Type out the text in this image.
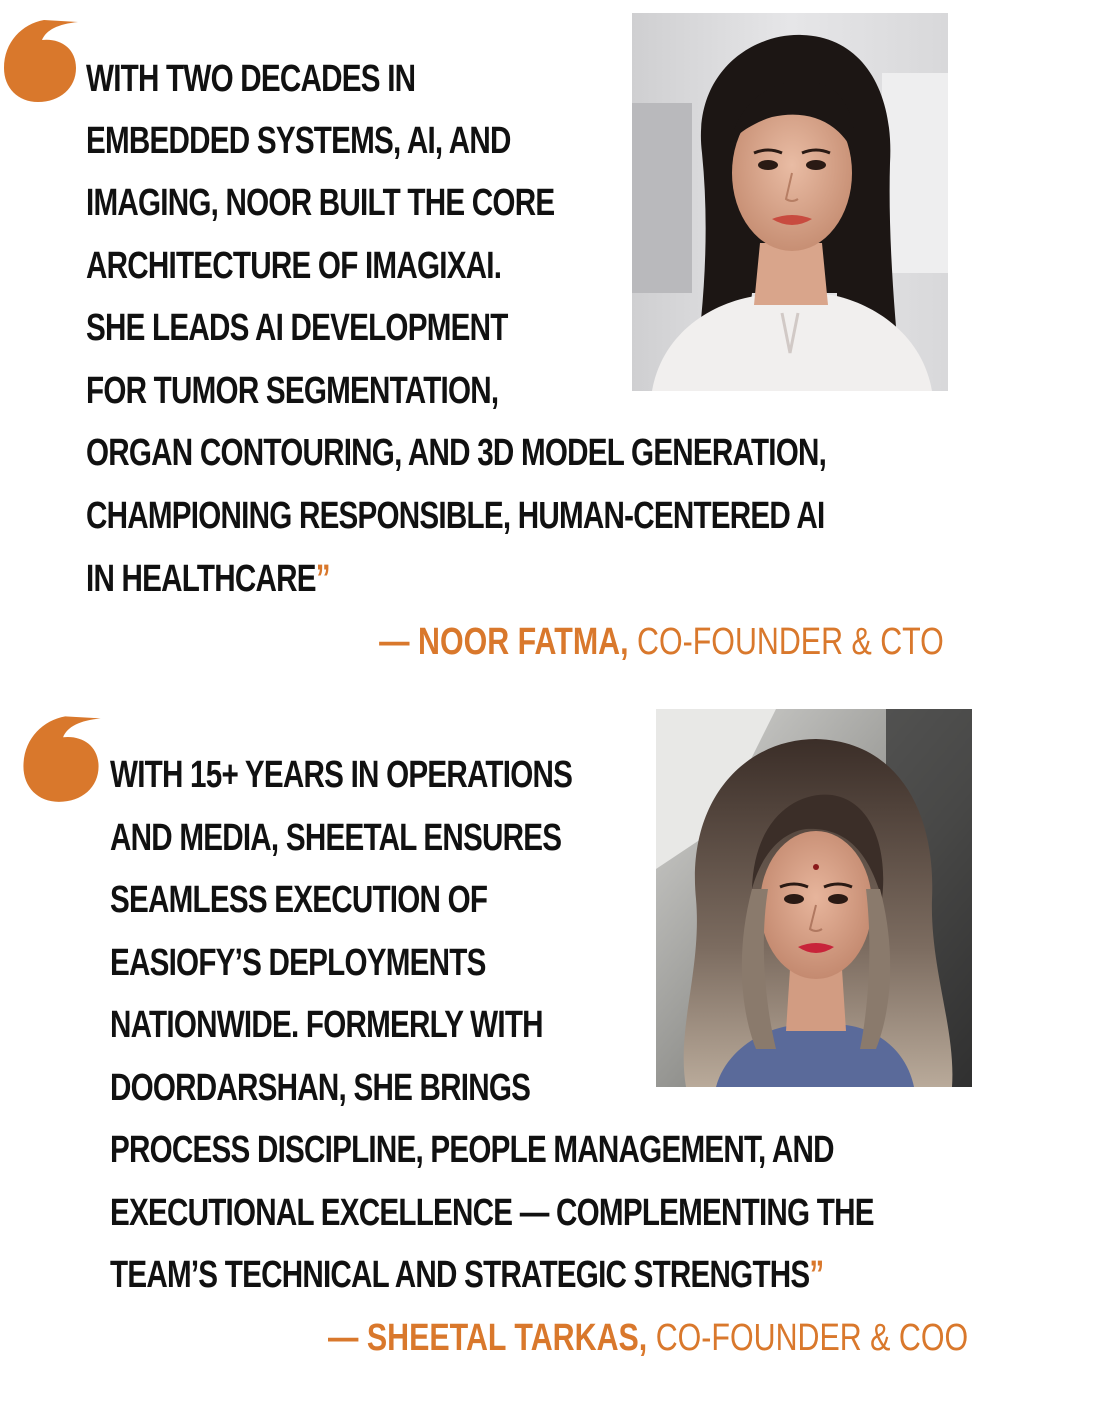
WITH TWO DECADES IN
EMBEDDED SYSTEMS, AI, AND
IMAGING, NOOR BUILT THE CORE
ARCHITECTURE OF IMAGIXAI.
SHE LEADS AI DEVELOPMENT
FOR TUMOR SEGMENTATION,
ORGAN CONTOURING, AND 3D MODEL GENERATION,
CHAMPIONING RESPONSIBLE, HUMAN-CENTERED AI
IN HEALTHCARE”
— NOOR FATMA, CO-FOUNDER & CTO
WITH 15+ YEARS IN OPERATIONS
AND MEDIA, SHEETAL ENSURES
SEAMLESS EXECUTION OF
EASIOFY’S DEPLOYMENTS
NATIONWIDE. FORMERLY WITH
DOORDARSHAN, SHE BRINGS
PROCESS DISCIPLINE, PEOPLE MANAGEMENT, AND
EXECUTIONAL EXCELLENCE — COMPLEMENTING THE
TEAM’S TECHNICAL AND STRATEGIC STRENGTHS”
— SHEETAL TARKAS, CO-FOUNDER & COO
